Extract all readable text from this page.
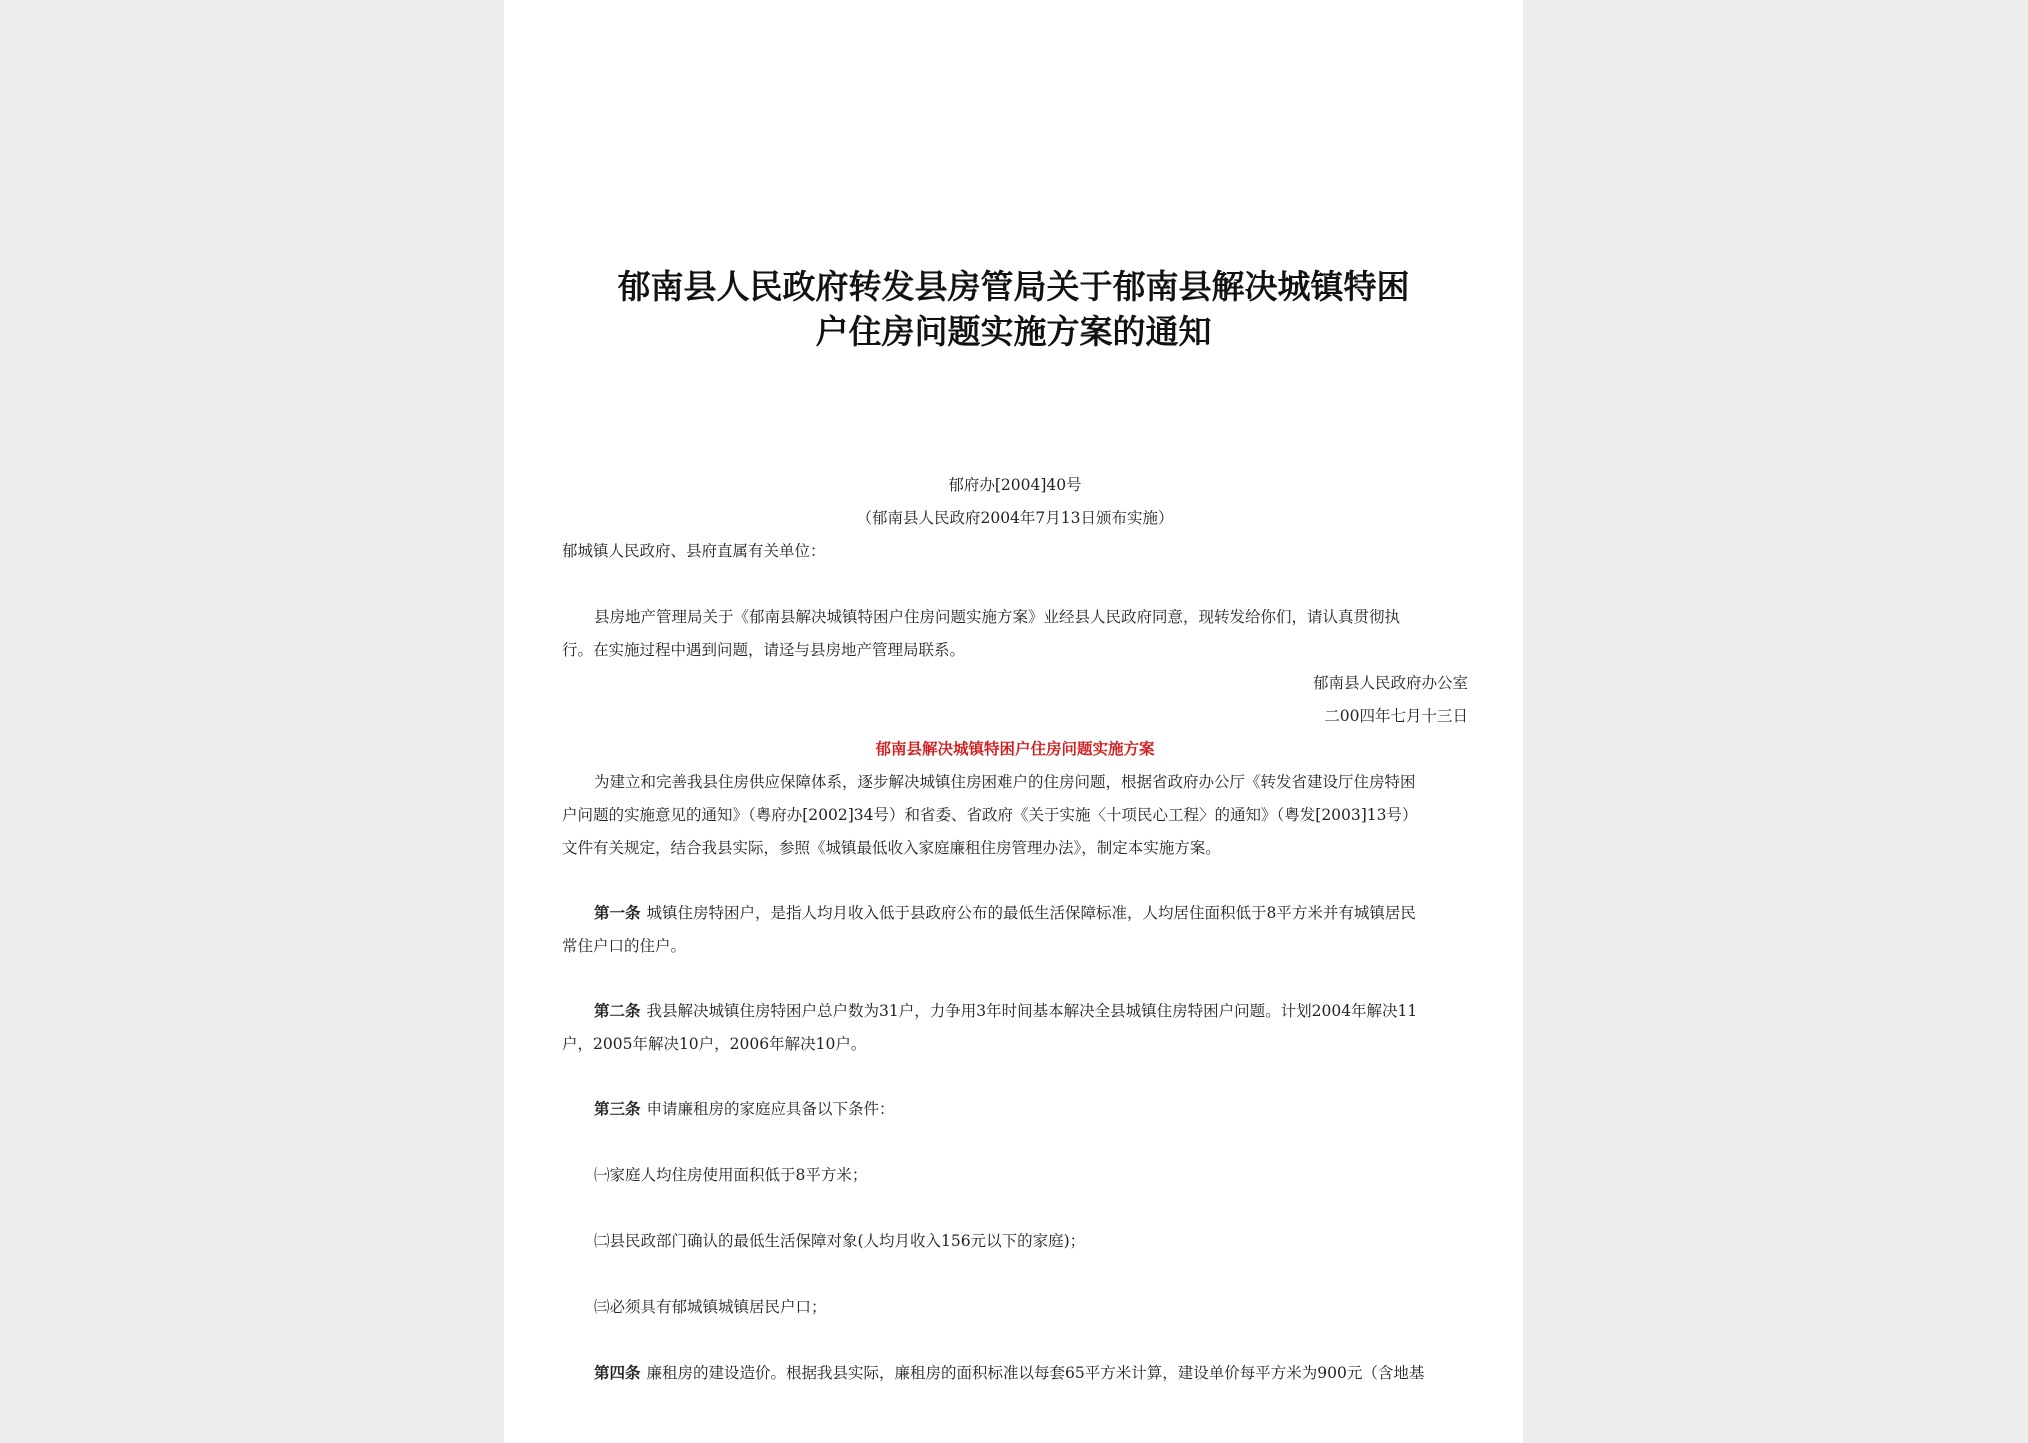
郁南县人民政府转发县房管局关于郁南县解决城镇特困
户住房问题实施方案的通知
郁府办[2004]40号
（郁南县人民政府2004年7月13日颁布实施）
郁城镇人民政府、县府直属有关单位：
县房地产管理局关于《郁南县解决城镇特困户住房问题实施方案》业经县人民政府同意，现转发给你们，请认真贯彻执
行。在实施过程中遇到问题，请迳与县房地产管理局联系。
郁南县人民政府办公室
二00四年七月十三日
郁南县解决城镇特困户住房问题实施方案
为建立和完善我县住房供应保障体系，逐步解决城镇住房困难户的住房问题，根据省政府办公厅《转发省建设厅住房特困
户问题的实施意见的通知》（粤府办[2002]34号）和省委、省政府《关于实施〈十项民心工程〉的通知》（粤发[2003]13号）
文件有关规定，结合我县实际，参照《城镇最低收入家庭廉租住房管理办法》，制定本实施方案。
第一条 城镇住房特困户，是指人均月收入低于县政府公布的最低生活保障标准，人均居住面积低于8平方米并有城镇居民
常住户口的住户。
第二条 我县解决城镇住房特困户总户数为31户，力争用3年时间基本解决全县城镇住房特困户问题。计划2004年解决11
户，2005年解决10户，2006年解决10户。
第三条 申请廉租房的家庭应具备以下条件：
㈠家庭人均住房使用面积低于8平方米；
㈡县民政部门确认的最低生活保障对象(人均月收入156元以下的家庭)；
㈢必须具有郁城镇城镇居民户口；
第四条 廉租房的建设造价。根据我县实际，廉租房的面积标准以每套65平方米计算，建设单价每平方米为900元（含地基
